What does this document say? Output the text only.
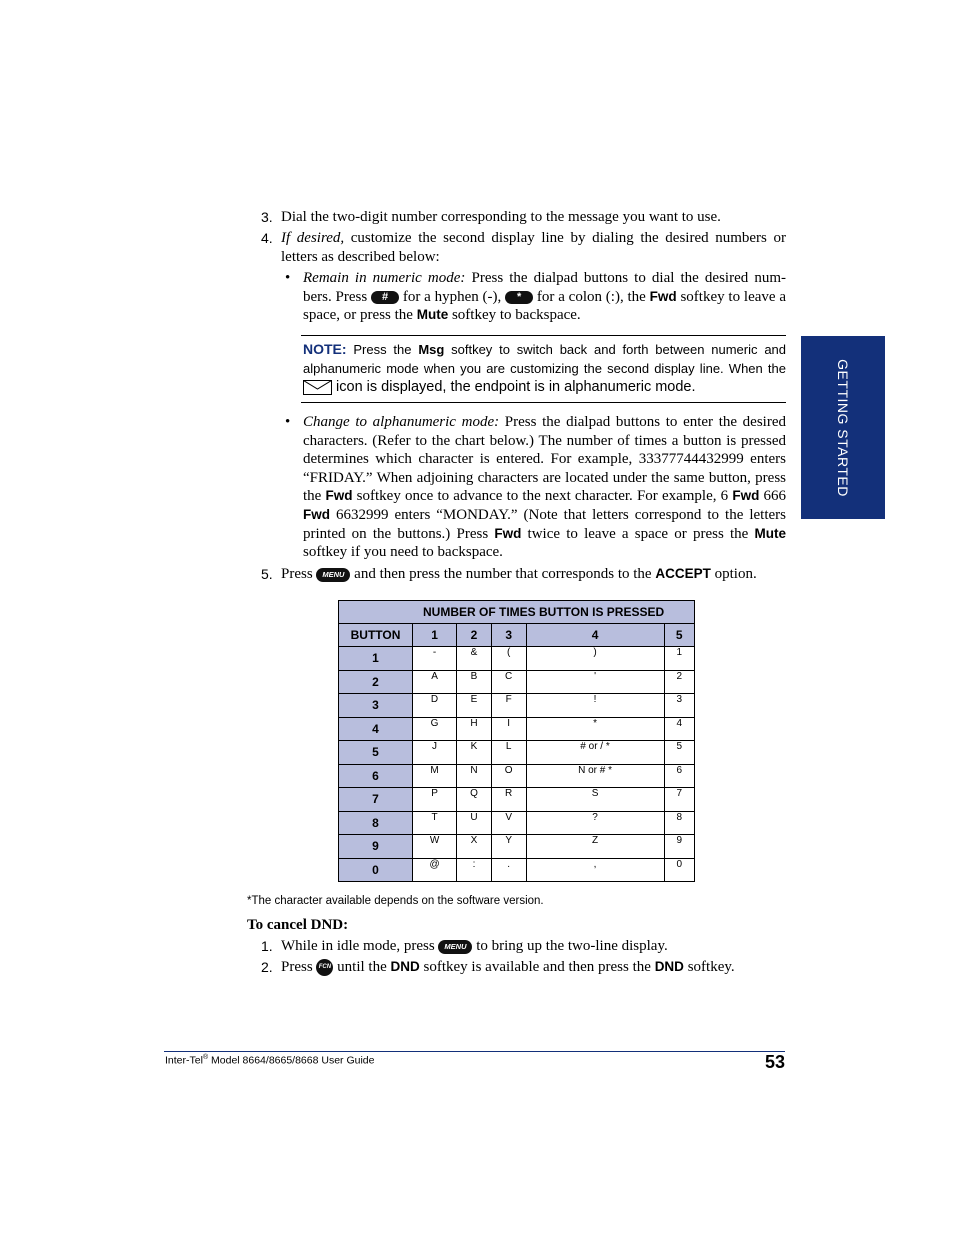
GETTING STARTED
3. Dial the two-digit number corresponding to the message you want to use.
4. If desired, customize the second display line by dialing the desired numbers or letters as described below:
• Remain in numeric mode: Press the dialpad buttons to dial the desired num-bers. Press # for a hyphen (-), * for a colon (:), the Fwd softkey to leave a space, or press the Mute softkey to backspace.
NOTE: Press the Msg softkey to switch back and forth between numeric and alphanumeric mode when you are customizing the second display line. When the  icon is displayed, the endpoint is in alphanumeric mode.
• Change to alphanumeric mode: Press the dialpad buttons to enter the desired characters. (Refer to the chart below.) The number of times a button is pressed determines which character is entered. For example, 33377744432999 enters “FRIDAY.” When adjoining characters are located under the same button, press the Fwd softkey once to advance to the next character. For example, 6 Fwd 666 Fwd 6632999 enters “MONDAY.” (Note that letters correspond to the letters printed on the buttons.) Press Fwd twice to leave a space or press the Mute softkey if you need to backspace.
5. Press MENU and then press the number that corresponds to the ACCEPT option.
NUMBER OF TIMES BUTTON IS PRESSED					
BUTTON	1	2	3	4	5
1	-	&	(	)	1
2	A	B	C	'	2
3	D	E	F	!	3
4	G	H	I	*	4
5	J	K	L	# or / *	5
6	M	N	O	N or # *	6
7	P	Q	R	S	7
8	T	U	V	?	8
9	W	X	Y	Z	9
0	@	:	.	,	0
*The character available depends on the software version.
To cancel DND:
1. While in idle mode, press MENU to bring up the two-line display.
2. Press FCN until the DND softkey is available and then press the DND softkey.
Inter-Tel® Model 8664/8665/8668 User Guide	53
